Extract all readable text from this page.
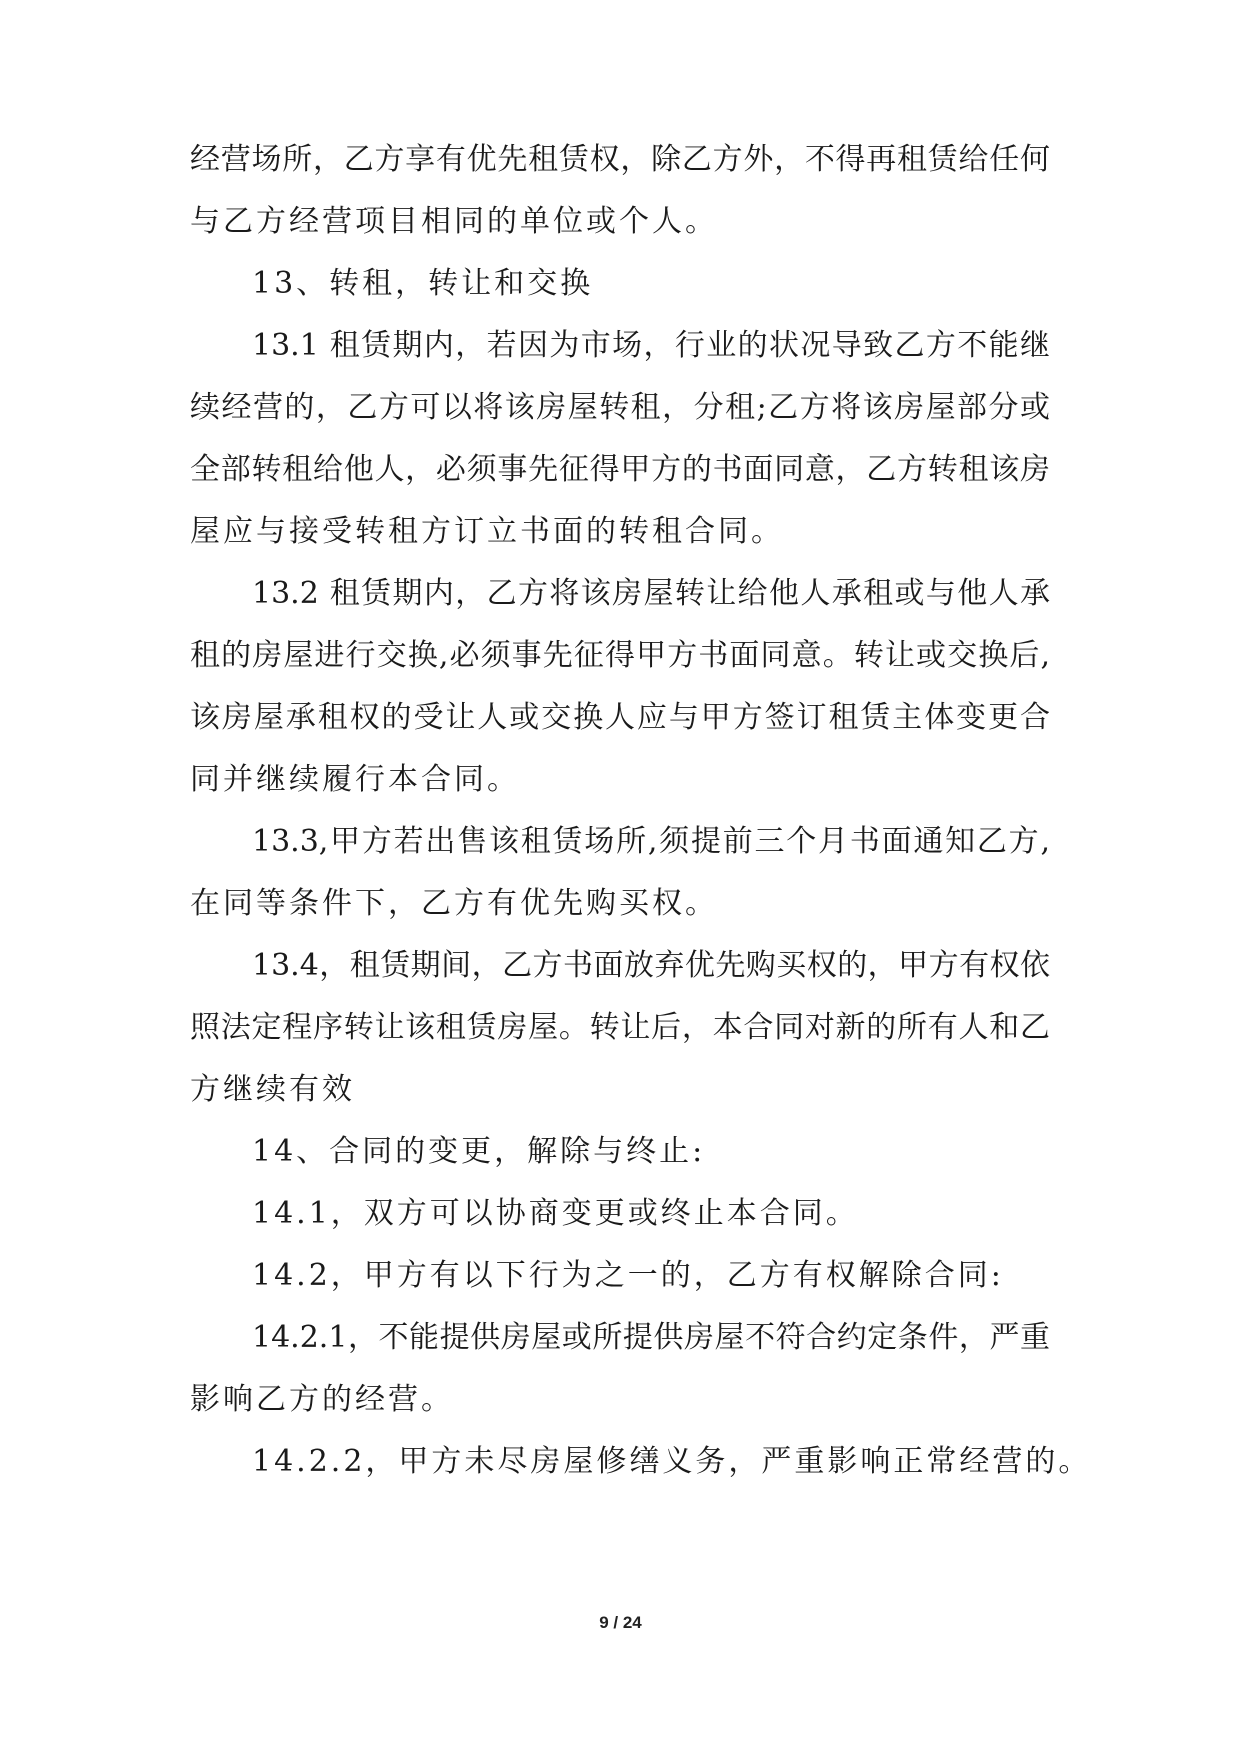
经营场所，乙方享有优先租赁权，除乙方外，不得再租赁给任何
与乙方经营项目相同的单位或个人。
13、转租，转让和交换
13.1 租赁期内，若因为市场，行业的状况导致乙方不能继
续经营的，乙方可以将该房屋转租，分租;乙方将该房屋部分或
全部转租给他人，必须事先征得甲方的书面同意，乙方转租该房
屋应与接受转租方订立书面的转租合同。
13.2 租赁期内，乙方将该房屋转让给他人承租或与他人承
租的房屋进行交换,必须事先征得甲方书面同意。转让或交换后,
该房屋承租权的受让人或交换人应与甲方签订租赁主体变更合
同并继续履行本合同。
13.3,甲方若出售该租赁场所,须提前三个月书面通知乙方,
在同等条件下，乙方有优先购买权。
13.4，租赁期间，乙方书面放弃优先购买权的，甲方有权依
照法定程序转让该租赁房屋。转让后，本合同对新的所有人和乙
方继续有效
14、合同的变更，解除与终止:
14.1，双方可以协商变更或终止本合同。
14.2，甲方有以下行为之一的，乙方有权解除合同:
14.2.1，不能提供房屋或所提供房屋不符合约定条件，严重
影响乙方的经营。
14.2.2，甲方未尽房屋修缮义务，严重影响正常经营的。
9 / 24
